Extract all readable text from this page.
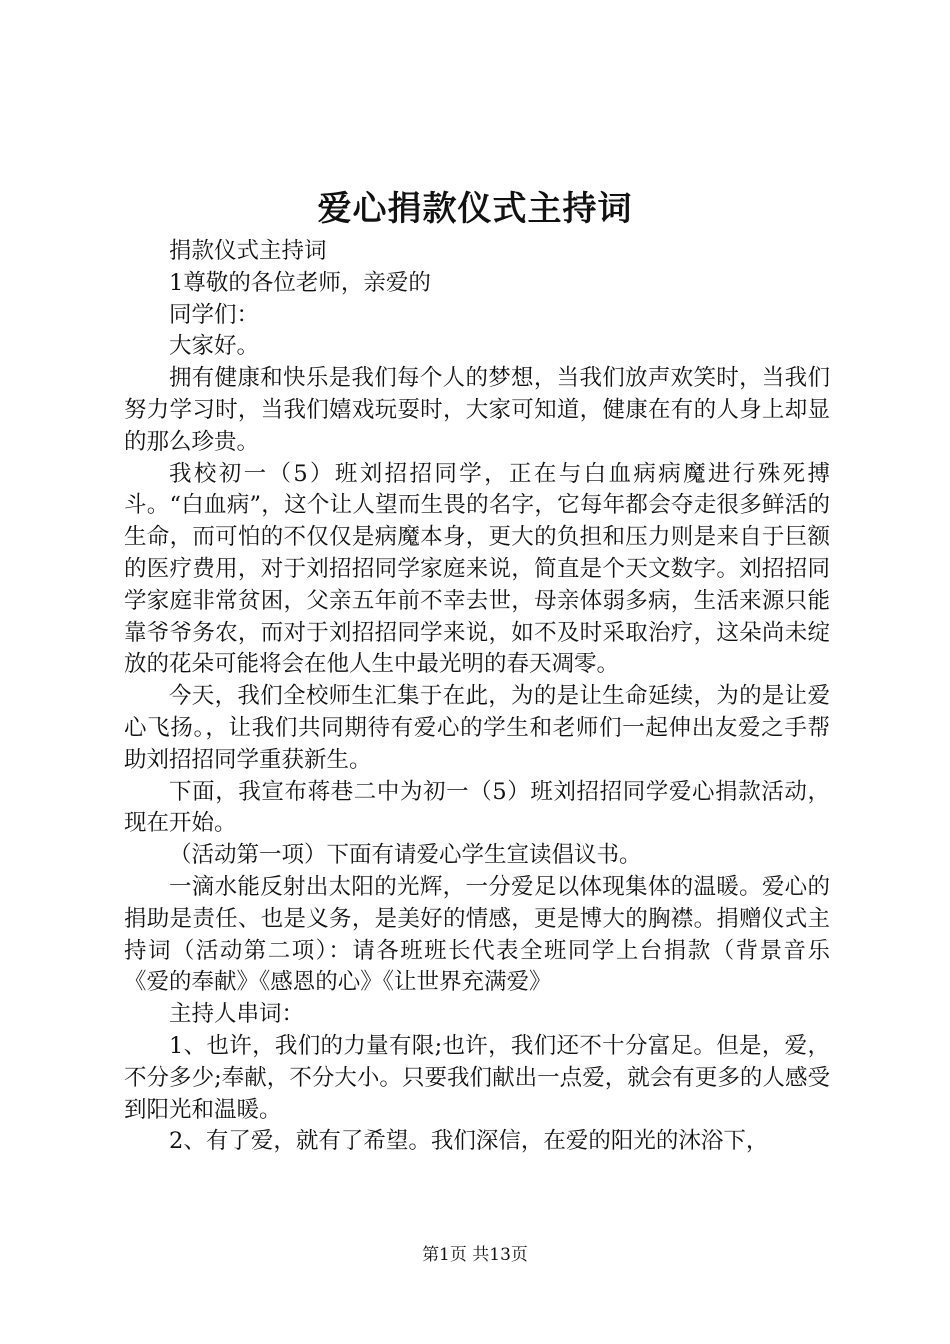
爱心捐款仪式主持词

捐款仪式主持词

1尊敬的各位老师，亲爱的

同学们：

大家好。

拥有健康和快乐是我们每个人的梦想，当我们放声欢笑时，当我们努力学习时，当我们嬉戏玩耍时，大家可知道，健康在有的人身上却显的那么珍贵。

我校初一（5）班刘招招同学，正在与白血病病魔进行殊死搏斗。“白血病”，这个让人望而生畏的名字，它每年都会夺走很多鲜活的生命，而可怕的不仅仅是病魔本身，更大的负担和压力则是来自于巨额的医疗费用，对于刘招招同学家庭来说，简直是个天文数字。刘招招同学家庭非常贫困，父亲五年前不幸去世，母亲体弱多病，生活来源只能靠爷爷务农，而对于刘招招同学来说，如不及时采取治疗，这朵尚未绽放的花朵可能将会在他人生中最光明的春天凋零。

今天，我们全校师生汇集于在此，为的是让生命延续，为的是让爱心飞扬。，让我们共同期待有爱心的学生和老师们一起伸出友爱之手帮助刘招招同学重获新生。

下面，我宣布蒋巷二中为初一（5）班刘招招同学爱心捐款活动，现在开始。

（活动第一项）下面有请爱心学生宣读倡议书。

一滴水能反射出太阳的光辉，一分爱足以体现集体的温暖。爱心的捐助是责任、也是义务，是美好的情感，更是博大的胸襟。捐赠仪式主持词（活动第二项）：请各班班长代表全班同学上台捐款（背景音乐《爱的奉献》《感恩的心》《让世界充满爱》

主持人串词：

1、也许，我们的力量有限;也许，我们还不十分富足。但是，爱，不分多少;奉献，不分大小。只要我们献出一点爱，就会有更多的人感受到阳光和温暖。

2、有了爱，就有了希望。我们深信，在爱的阳光的沐浴下，

第1页 共13页
